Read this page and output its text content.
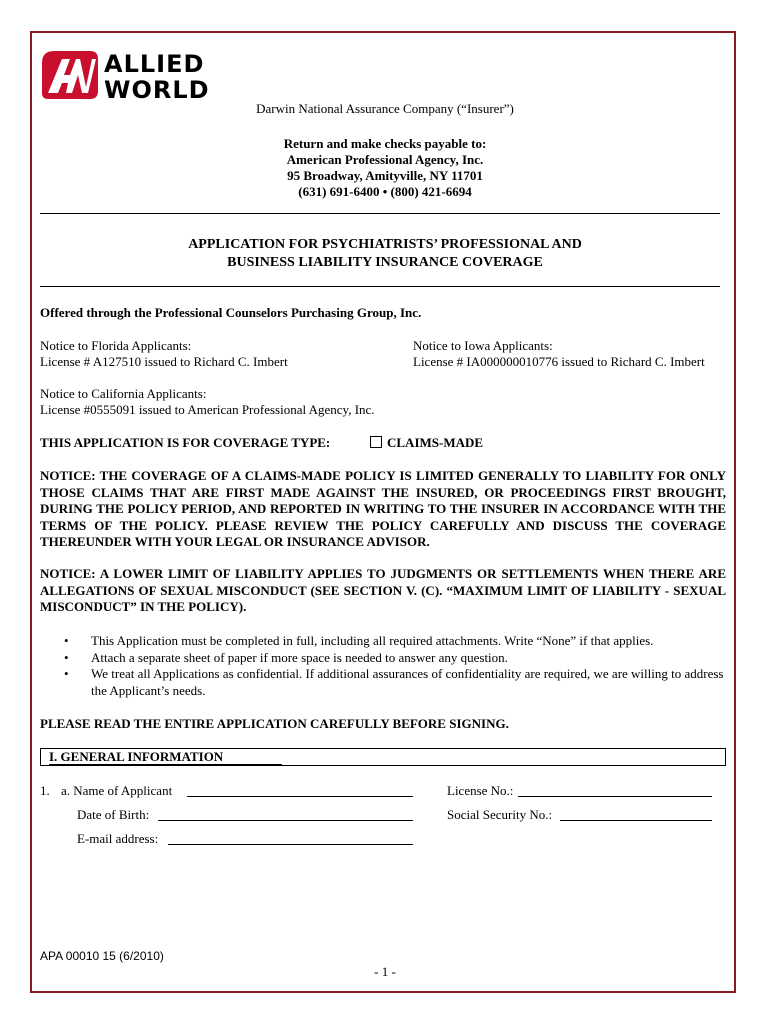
ALLIED
WORLD
Darwin National Assurance Company (“Insurer”)
Return and make checks payable to:
American Professional Agency, Inc.
95 Broadway, Amityville, NY 11701
(631) 691-6400 • (800) 421-6694
APPLICATION FOR PSYCHIATRISTS’ PROFESSIONAL AND
BUSINESS LIABILITY INSURANCE COVERAGE
Offered through the Professional Counselors Purchasing Group, Inc.
Notice to Florida Applicants:
License # A127510 issued to Richard C. Imbert
Notice to Iowa Applicants:
License # IA000000010776 issued to Richard C. Imbert
Notice to California Applicants:
License #0555091 issued to American Professional Agency, Inc.
THIS APPLICATION IS FOR COVERAGE TYPE:	CLAIMS-MADE
NOTICE: THE COVERAGE OF A CLAIMS-MADE POLICY IS LIMITED GENERALLY TO LIABILITY FOR ONLY THOSE CLAIMS THAT ARE FIRST MADE AGAINST THE INSURED, OR PROCEEDINGS FIRST BROUGHT, DURING THE POLICY PERIOD, AND REPORTED IN WRITING TO THE INSURER IN ACCORDANCE WITH THE TERMS OF THE POLICY. PLEASE REVIEW THE POLICY CAREFULLY AND DISCUSS THE COVERAGE THEREUNDER WITH YOUR LEGAL OR INSURANCE ADVISOR.
NOTICE: A LOWER LIMIT OF LIABILITY APPLIES TO JUDGMENTS OR SETTLEMENTS WHEN THERE ARE ALLEGATIONS OF SEXUAL MISCONDUCT (SEE SECTION V. (C). “MAXIMUM LIMIT OF LIABILITY - SEXUAL MISCONDUCT” IN THE POLICY).
• This Application must be completed in full, including all required attachments. Write “None” if that applies.
• Attach a separate sheet of paper if more space is needed to answer any question.
• We treat all Applications as confidential. If additional assurances of confidentiality are required, we are willing to address the Applicant’s needs.
PLEASE READ THE ENTIRE APPLICATION CAREFULLY BEFORE SIGNING.
I. GENERAL INFORMATION
1. a. Name of Applicant	License No.:
Date of Birth:	Social Security No.:
E-mail address:
APA 00010 15 (6/2010)
- 1 -
